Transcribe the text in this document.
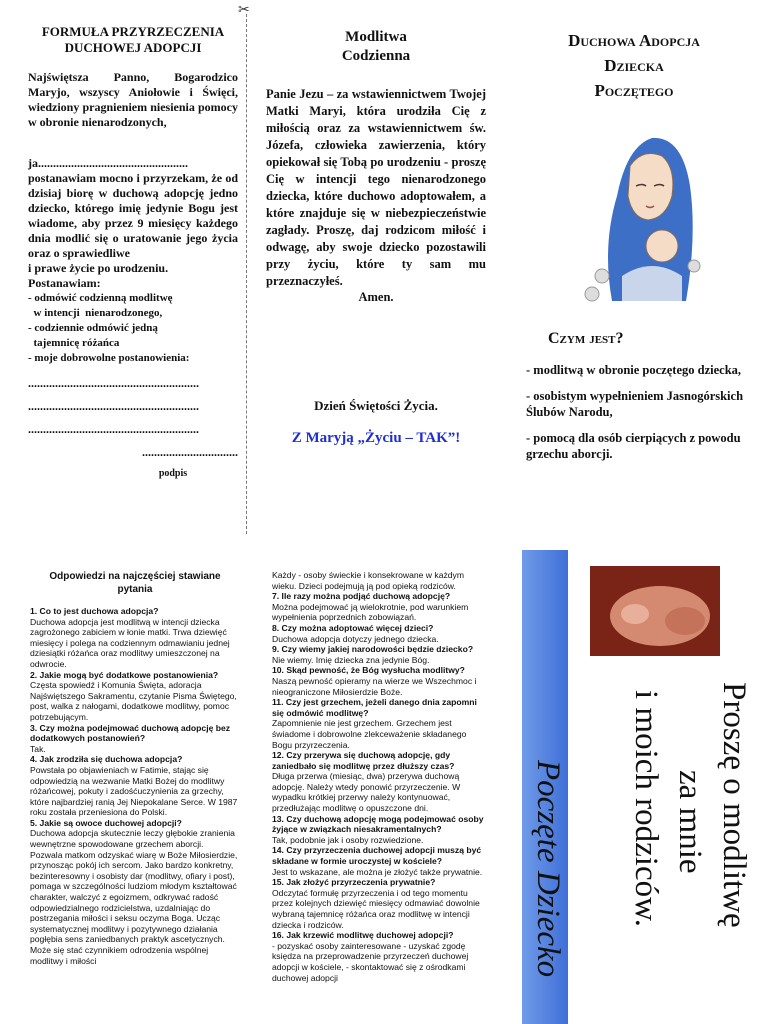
✂
FORMUŁA PRZYRZECZENIA DUCHOWEJ ADOPCJI
Najświętsza Panno, Bogarodzico Maryjo, wszyscy Aniołowie i Święci, wiedziony pragnieniem niesienia pomocy w obronie nienarodzonych,
ja..................................................
postanawiam mocno i przyrzekam, że od dzisiaj biorę w duchową adopcję jedno dziecko, którego imię jedynie Bogu jest wiadome, aby przez 9 miesięcy każdego dnia modlić się o uratowanie jego życia oraz o sprawiedliwe
i prawe życie po urodzeniu.
Postanawiam:
- odmówić codzienną modlitwę
w intencji  nienarodzonego,
- codziennie odmówić jedną
tajemnicę różańca
- moje dobrowolne postanowienia:
.........................................................
.........................................................
.........................................................
................................
podpis
Modlitwa Codzienna
Panie Jezu – za wstawiennictwem Twojej Matki Maryi, która urodziła Cię z miłością oraz za wstawiennictwem św. Józefa, człowieka zawierzenia, który opiekował się Tobą po urodzeniu - proszę Cię w intencji tego nienarodzonego dziecka, które duchowo adoptowałem, a które znajduje się w niebezpieczeństwie zagłady. Proszę, daj rodzicom miłość i odwagę, aby swoje dziecko pozostawili przy życiu, które ty sam mu przeznaczyłeś.
Amen.
Dzień Świętości Życia.
Z Maryją „Życiu – TAK”!
Duchowa Adopcja
Dziecka
Poczętego
Czym jest?
- modlitwą w obronie poczętego dziecka,
- osobistym wypełnieniem Jasnogórskich Ślubów Narodu,
- pomocą dla osób cierpiących z powodu grzechu aborcji.
Odpowiedzi na najczęściej stawiane pytania
1. Co to jest duchowa adopcja?
Duchowa adopcja jest modlitwą w intencji dziecka zagrożonego zabiciem w łonie matki. Trwa dziewięć miesięcy i polega na codziennym odmawianiu jednej dziesiątki różańca oraz modlitwy umieszczonej na odwrocie.
2. Jakie mogą być dodatkowe postanowienia?
Częsta spowiedź i Komunia Święta, adoracja Najświętszego Sakramentu, czytanie Pisma Świętego, post, walka z nałogami, dodatkowe modlitwy, pomoc potrzebującym.
3. Czy można podejmować duchową adopcję bez dodatkowych postanowień?
Tak.
4. Jak zrodziła się duchowa adopcja?
Powstała po objawieniach w Fatimie, stając się odpowiedzią na wezwanie Matki Bożej do modlitwy różańcowej, pokuty i zadośćuczynienia za grzechy, które najbardziej ranią Jej Niepokalane Serce. W 1987 roku została przeniesiona do Polski.
5. Jakie są owoce duchowej adopcji?
Duchowa adopcja skutecznie leczy głębokie zranienia wewnętrzne spowodowane grzechem aborcji. Pozwala matkom odzyskać wiarę w Boże Miłosierdzie, przynosząc pokój ich sercom. Jako bardzo konkretny, bezinteresowny i osobisty dar (modlitwy, ofiary i post), pomaga w szczególności ludziom młodym kształtować charakter, walczyć z egoizmem, odkrywać radość odpowiedzialnego rodzicielstwa, uzdalniając do postrzegania miłości i seksu oczyma Boga. Ucząc systematycznej modlitwy i pozytywnego działania pogłębia sens zaniedbanych praktyk ascetycznych. Może się stać czynnikiem odrodzenia wspólnej modlitwy i miłości
Każdy - osoby świeckie i konsekrowane w każdym wieku. Dzieci podejmują ją pod opieką rodziców.
7. Ile razy można podjąć duchową adopcję?
Można podejmować ją wielokrotnie, pod warunkiem wypełnienia poprzednich zobowiązań.
8. Czy można adoptować więcej dzieci?
Duchowa adopcja dotyczy jednego dziecka.
9. Czy wiemy jakiej narodowości będzie dziecko?
Nie wiemy. Imię dziecka zna jedynie Bóg.
10. Skąd pewność, że Bóg wysłucha modlitwy?
Naszą pewność opieramy na wierze we Wszechmoc i nieograniczone Miłosierdzie Boże.
11. Czy jest grzechem, jeżeli danego dnia zapomni się odmówić modlitwę?
Zapomnienie nie jest grzechem. Grzechem jest świadome i dobrowolne zlekceważenie składanego Bogu przyrzeczenia.
12. Czy przerywa się duchową adopcję, gdy zaniedbało się modlitwę przez dłuższy czas?
Długa przerwa (miesiąc, dwa) przerywa duchową adopcję. Należy wtedy ponowić przyrzeczenie. W wypadku krótkiej przerwy należy kontynuować, przedłużając modlitwę o opuszczone dni.
13. Czy duchową adopcję mogą podejmować osoby żyjące w związkach niesakramentalnych?
Tak, podobnie jak i osoby rozwiedzione.
14. Czy przyrzeczenia duchowej adopcji muszą być składane w formie uroczystej w kościele?
Jest to wskazane, ale można je złożyć także prywatnie.
15. Jak złożyć przyrzeczenia prywatnie?
Odczytać formułę przyrzeczenia i od tego momentu przez kolejnych dziewięć miesięcy odmawiać dowolnie wybraną tajemnicę różańca oraz modlitwę w intencji dziecka i rodziców.
16. Jak krzewić modlitwę duchowej adopcji?
- pozyskać osoby zainteresowane - uzyskać zgodę księdza na przeprowadzenie przyrzeczeń duchowej adopcji w kościele, - skontaktować się z ośrodkami duchowej adopcji
Proszę o modlitwę
za mnie
i moich rodziców.
Poczęte Dziecko
